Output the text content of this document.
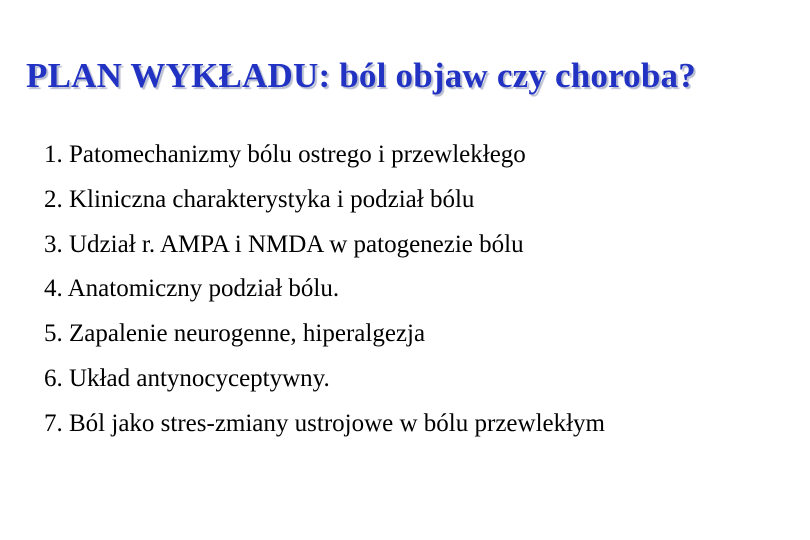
PLAN WYKŁADU: ból objaw czy choroba?
1. Patomechanizmy bólu ostrego i przewlekłego
2. Kliniczna charakterystyka i podział bólu
3. Udział r. AMPA i NMDA w patogenezie bólu
4. Anatomiczny podział bólu.
5. Zapalenie neurogenne, hiperalgezja
6. Układ antynocyceptywny.
7. Ból jako stres-zmiany ustrojowe w bólu przewlekłym
